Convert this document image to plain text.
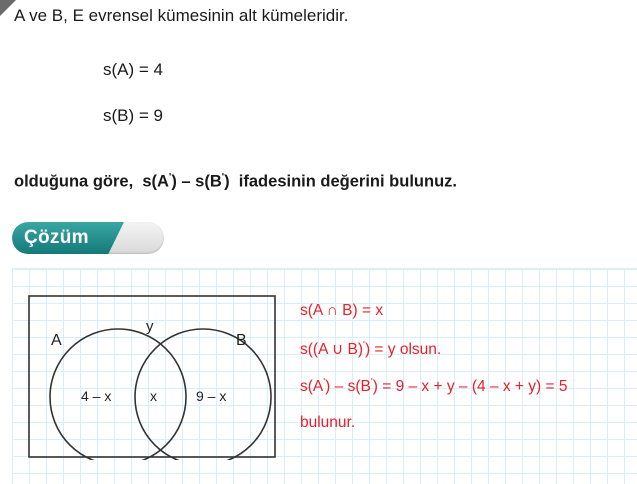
A ve B, E evrensel kümesinin alt kümeleridir.
s(A) = 4
s(B) = 9
olduğuna göre,  s(A') – s(B')  ifadesinin değerini bulunuz.
Çözüm
A	B
y
4 – x	x	9 – x
s(A ∩ B) = x
s((A ∪ B)') = y olsun.
s(A') – s(B') = 9 – x + y – (4 – x + y) = 5
bulunur.
